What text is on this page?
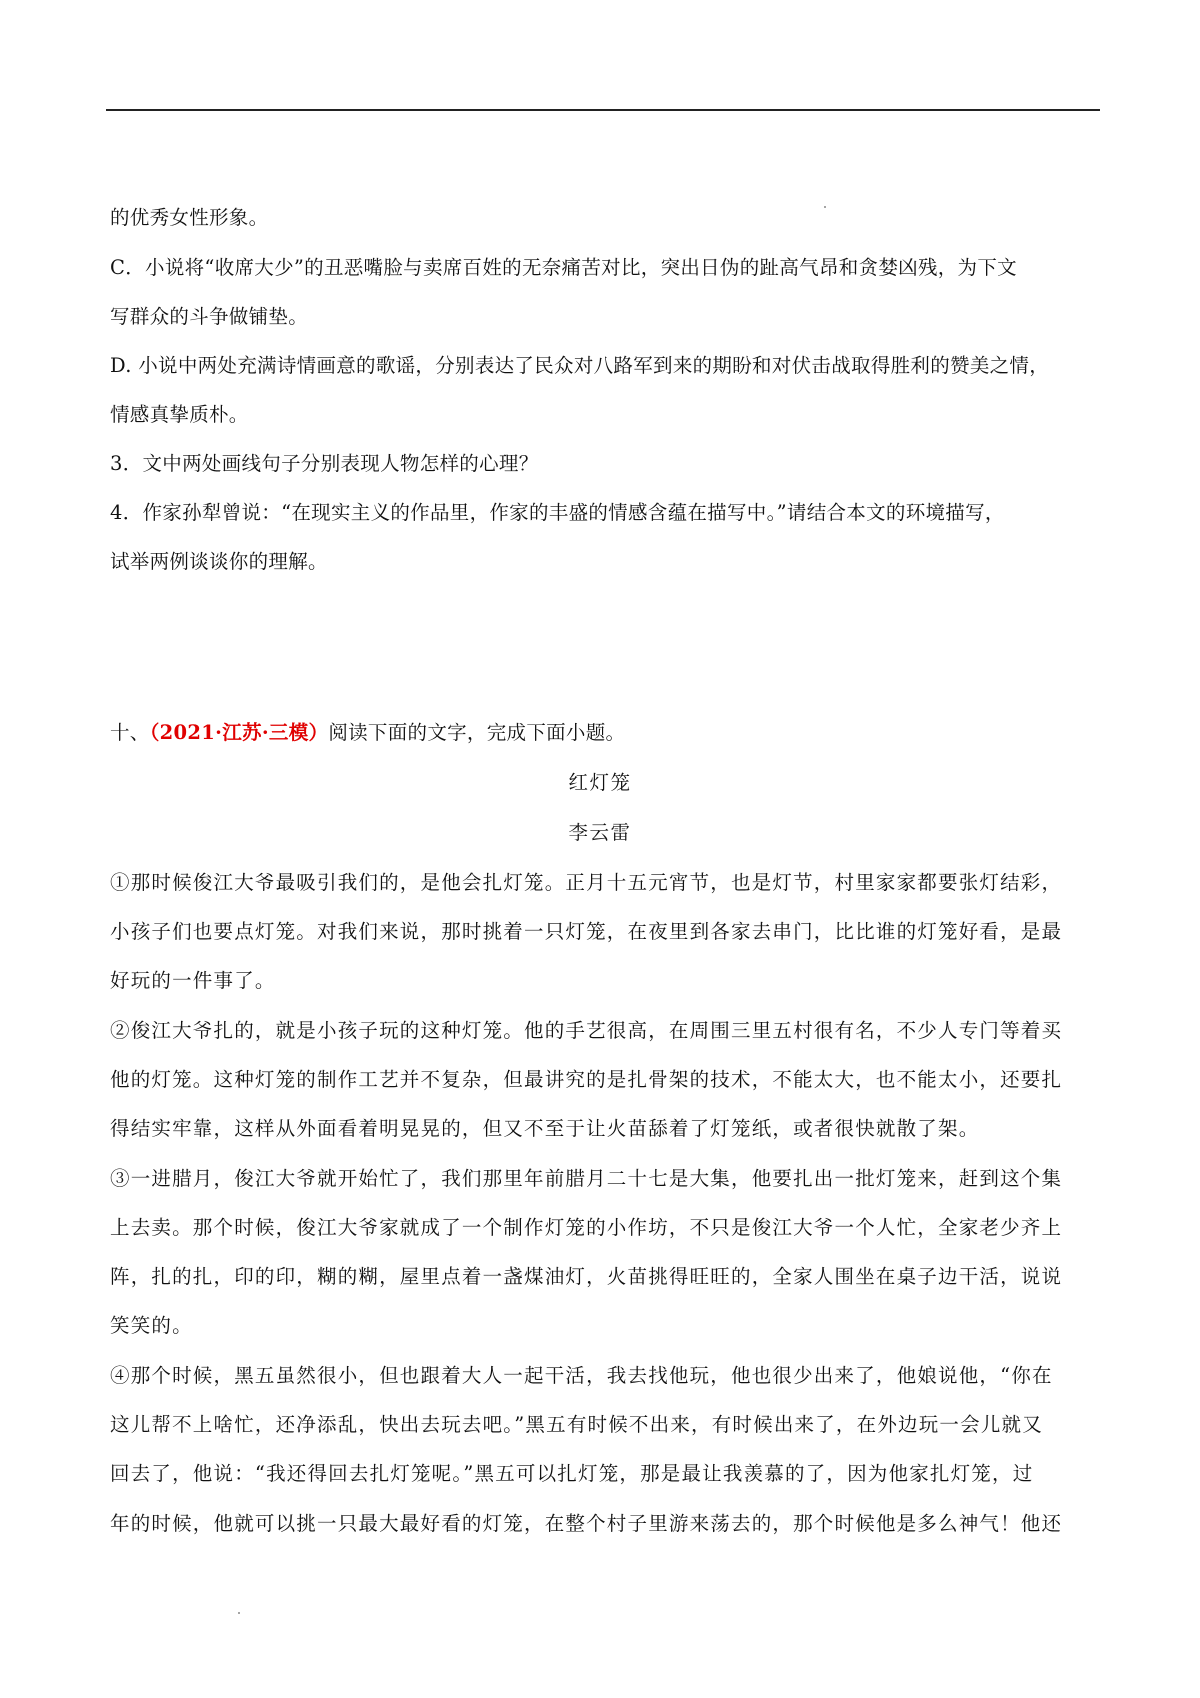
的优秀女性形象。
C．小说将“收席大少”的丑恶嘴脸与卖席百姓的无奈痛苦对比，突出日伪的趾高气昂和贪婪凶残，为下文
写群众的斗争做铺垫。
D. 小说中两处充满诗情画意的歌谣，分别表达了民众对八路军到来的期盼和对伏击战取得胜利的赞美之情，
情感真挚质朴。
3．文中两处画线句子分别表现人物怎样的心理？
4．作家孙犁曾说：“在现实主义的作品里，作家的丰盛的情感含蕴在描写中。”请结合本文的环境描写，
试举两例谈谈你的理解。
十、（2021·江苏·三模）阅读下面的文字，完成下面小题。
红灯笼
李云雷
①那时候俊江大爷最吸引我们的，是他会扎灯笼。正月十五元宵节，也是灯节，村里家家都要张灯结彩，
小孩子们也要点灯笼。对我们来说，那时挑着一只灯笼，在夜里到各家去串门，比比谁的灯笼好看，是最
好玩的一件事了。
②俊江大爷扎的，就是小孩子玩的这种灯笼。他的手艺很高，在周围三里五村很有名，不少人专门等着买
他的灯笼。这种灯笼的制作工艺并不复杂，但最讲究的是扎骨架的技术，不能太大，也不能太小，还要扎
得结实牢靠，这样从外面看着明晃晃的，但又不至于让火苗舔着了灯笼纸，或者很快就散了架。
③一进腊月，俊江大爷就开始忙了，我们那里年前腊月二十七是大集，他要扎出一批灯笼来，赶到这个集
上去卖。那个时候，俊江大爷家就成了一个制作灯笼的小作坊，不只是俊江大爷一个人忙，全家老少齐上
阵，扎的扎，印的印，糊的糊，屋里点着一盏煤油灯，火苗挑得旺旺的，全家人围坐在桌子边干活，说说
笑笑的。
④那个时候，黑五虽然很小，但也跟着大人一起干活，我去找他玩，他也很少出来了，他娘说他，“你在
这儿帮不上啥忙，还净添乱，快出去玩去吧。”黑五有时候不出来，有时候出来了，在外边玩一会儿就又
回去了，他说：“我还得回去扎灯笼呢。”黑五可以扎灯笼，那是最让我羡慕的了，因为他家扎灯笼，过
年的时候，他就可以挑一只最大最好看的灯笼，在整个村子里游来荡去的，那个时候他是多么神气！他还
